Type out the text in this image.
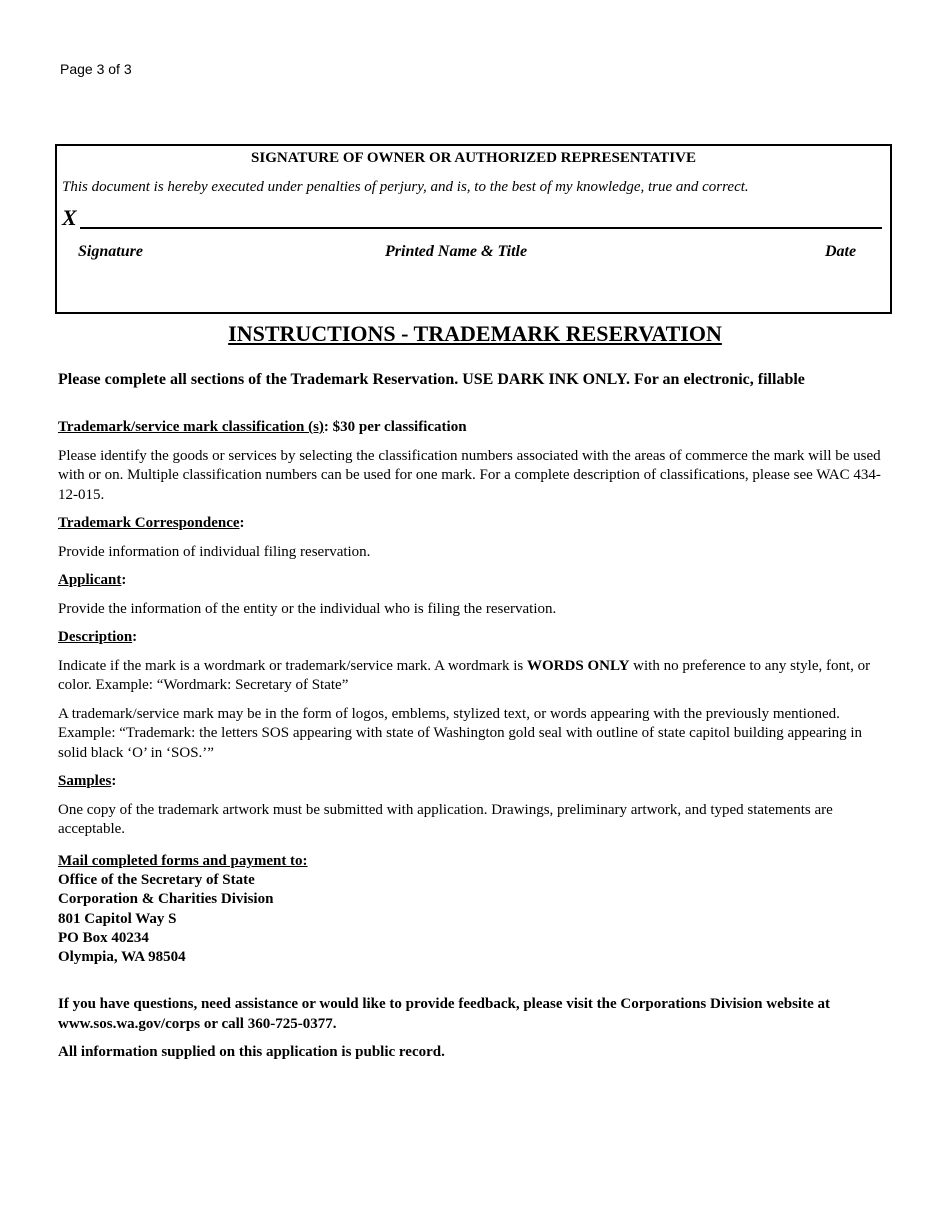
Page 3 of 3
SIGNATURE OF OWNER OR AUTHORIZED REPRESENTATIVE
This document is hereby executed under penalties of perjury, and is, to the best of my knowledge, true and correct.
X
Signature	Printed Name & Title	Date
INSTRUCTIONS - TRADEMARK RESERVATION
Please complete all sections of the Trademark Reservation. USE DARK INK ONLY. For an electronic, fillable

Trademark/service mark classification (s): $30 per classification

Please identify the goods or services by selecting the classification numbers associated with the areas of commerce the mark will be used with or on. Multiple classification numbers can be used for one mark. For a complete description of classifications, please see WAC 434-12-015.

Trademark Correspondence:

Provide information of individual filing reservation.

Applicant:

Provide the information of the entity or the individual who is filing the reservation.

Description:

Indicate if the mark is a wordmark or trademark/service mark. A wordmark is WORDS ONLY with no preference to any style, font, or color. Example: “Wordmark: Secretary of State”

A trademark/service mark may be in the form of logos, emblems, stylized text, or words appearing with the previously mentioned. Example: “Trademark: the letters SOS appearing with state of Washington gold seal with outline of state capitol building appearing in solid black ‘O’ in ‘SOS.’”

Samples:

One copy of the trademark artwork must be submitted with application. Drawings, preliminary artwork, and typed statements are acceptable.

Mail completed forms and payment to:
Office of the Secretary of State
Corporation & Charities Division
801 Capitol Way S
PO Box 40234
Olympia, WA 98504

If you have questions, need assistance or would like to provide feedback, please visit the Corporations Division website at www.sos.wa.gov/corps or call 360-725-0377.

All information supplied on this application is public record.
